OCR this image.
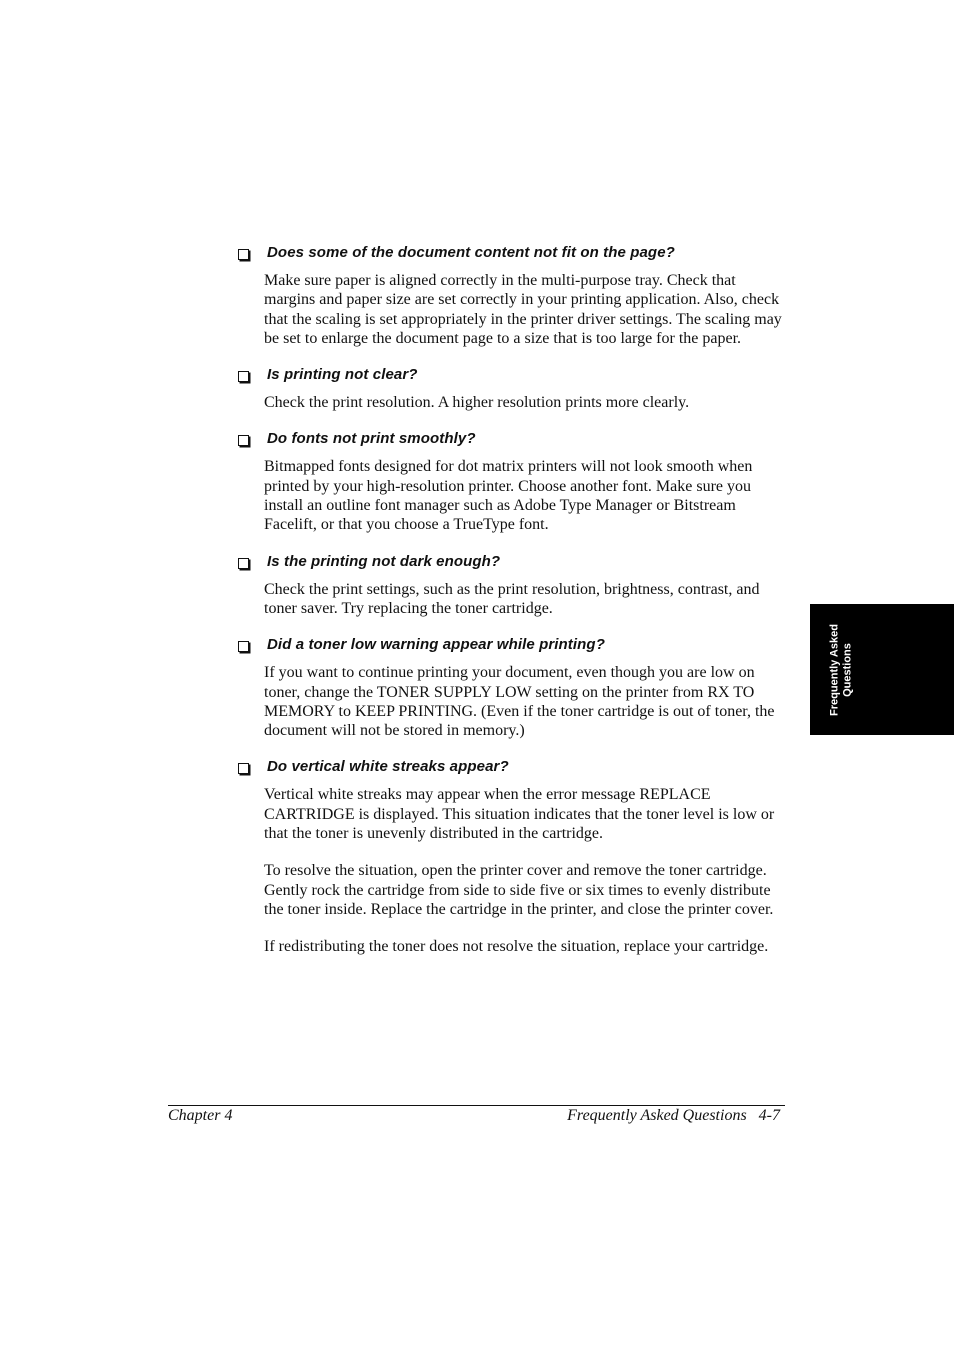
Does some of the document content not fit on the page?

Make sure paper is aligned correctly in the multi-purpose tray. Check that margins and paper size are set correctly in your printing application. Also, check that the scaling is set appropriately in the printer driver settings. The scaling may be set to enlarge the document page to a size that is too large for the paper.

Is printing not clear?

Check the print resolution. A higher resolution prints more clearly.

Do fonts not print smoothly?

Bitmapped fonts designed for dot matrix printers will not look smooth when printed by your high-resolution printer. Choose another font. Make sure you install an outline font manager such as Adobe Type Manager or Bitstream Facelift, or that you choose a TrueType font.

Is the printing not dark enough?

Check the print settings, such as the print resolution, brightness, contrast, and toner saver. Try replacing the toner cartridge.

Did a toner low warning appear while printing?

If you want to continue printing your document, even though you are low on toner, change the TONER SUPPLY LOW setting on the printer from RX TO MEMORY to KEEP PRINTING. (Even if the toner cartridge is out of toner, the document will not be stored in memory.)

Do vertical white streaks appear?

Vertical white streaks may appear when the error message REPLACE CARTRIDGE is displayed. This situation indicates that the toner level is low or that the toner is unevenly distributed in the cartridge.

To resolve the situation, open the printer cover and remove the toner cartridge. Gently rock the cartridge from side to side five or six times to evenly distribute the toner inside. Replace the cartridge in the printer, and close the printer cover.

If redistributing the toner does not resolve the situation, replace your cartridge.

Frequently Asked Questions
Chapter 4	Frequently Asked Questions 4-7
